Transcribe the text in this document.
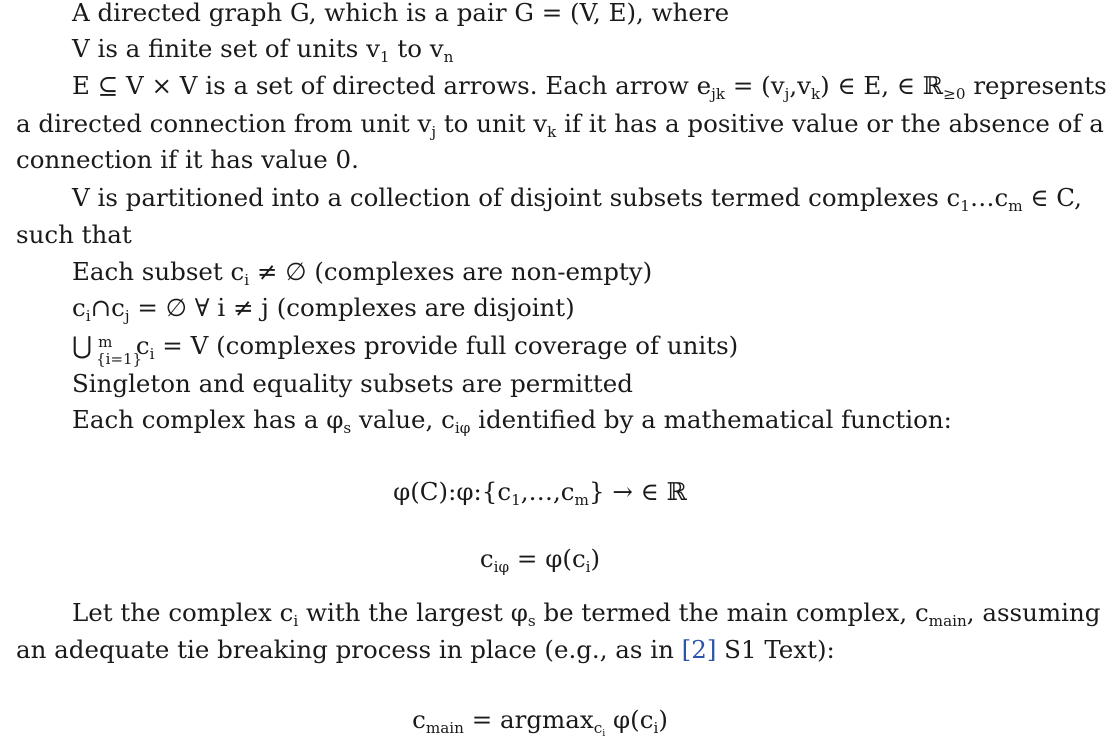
A directed graph G, which is a pair G = (V, E), where
V is a finite set of units $v_1$ to $v_n$
E ⊆ V × V is a set of directed arrows. Each arrow $e_{jk} = (v_j,v_k)$ ∈ E, ∈ ℝ$_{\ge 0}$ represents
a directed connection from unit $v_j$ to unit $v_k$ if it has a positive value or the absence of a
connection if it has value 0.
V is partitioned into a collection of disjoint subsets termed complexes $c_1\dots c_m$ ∈ C,
such that
Each subset $c_i$ ≠ ∅ (complexes are non-empty)
$c_i\cap c_j$ = ∅ ∀ i ≠ j (complexes are disjoint)
⋃ m
{i=1}
$c_i = V$ (complexes provide full coverage of units)
Singleton and equality subsets are permitted
Each complex has a $\varphi_s$ value, $c_{i\varphi}$ identified by a mathematical function:
$\varphi(C):\varphi:\{c_1,\dots,c_m\}$ → ∈ ℝ
$c_{i\varphi} = \varphi(c_i)$
Let the complex $c_i$ with the largest $\varphi_s$ be termed the main complex, $c_{main}$, assuming
an adequate tie breaking process in place (e.g., as in [2] S1 Text):
$c_{main} = argmax_{c_i}$ $\varphi(c_i)$
